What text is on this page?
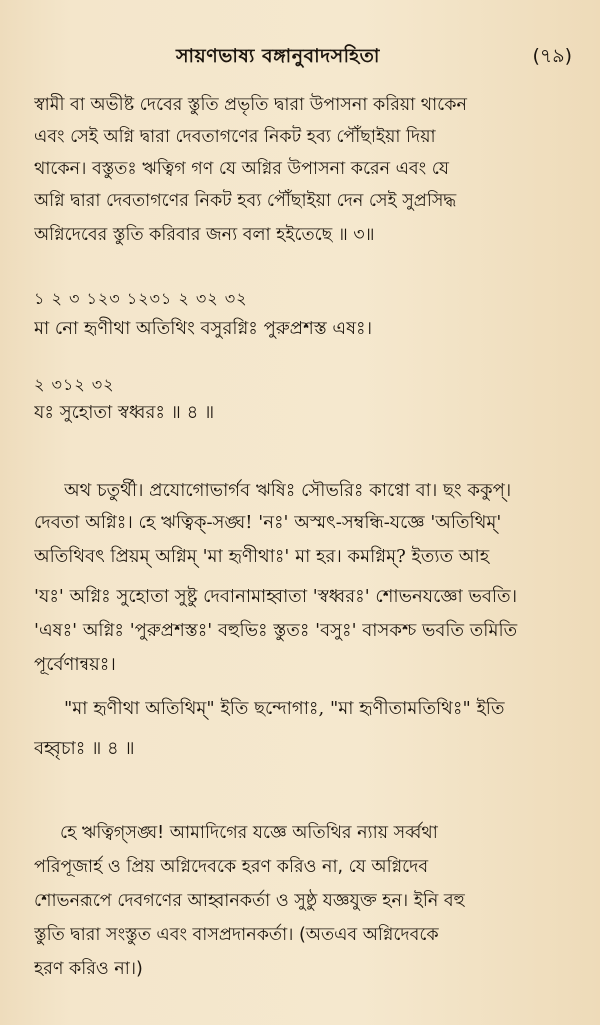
সায়ণভাষ্য বঙ্গানুবাদসহিতা	(৭৯)
স্বামী বা অভীষ্ট দেবের স্তুতি প্রভৃতি দ্বারা উপাসনা করিয়া থাকেন
এবং সেই অগ্নি দ্বারা দেবতাগণের নিকট হব্য পৌঁছাইয়া দিয়া
থাকেন। বস্তুতঃ ঋত্বিগ গণ যে অগ্নির উপাসনা করেন এবং যে
অগ্নি দ্বারা দেবতাগণের নিকট হব্য পৌঁছাইয়া দেন সেই সুপ্রসিদ্ধ
অগ্নিদেবের স্তুতি করিবার জন্য বলা হইতেছে ॥ ৩॥
১ ২ ৩ ১২৩ ১২৩১ ২ ৩২ ৩২
মা নো হৃণীথা অতিথিং বসুরগ্নিঃ পুরুপ্রশস্ত এষঃ।
২ ৩১২ ৩২
যঃ সুহোতা স্বধ্বরঃ ॥ ৪ ॥
অথ চতুর্থী। প্রযোগোভার্গব ঋষিঃ সৌভরিঃ কাণ্বো বা। ছং ককুপ্।
দেবতা অগ্নিঃ। হে ঋত্বিক্-সঙ্ঘ! 'নঃ' অস্মৎ-সম্বন্ধি-যজ্ঞে 'অতিথিম্'
অতিথিবৎ প্রিয়ম্ অগ্নিম্ 'মা হৃণীথাঃ' মা হর। কমগ্নিম্? ইত্যত আহ
'যঃ' অগ্নিঃ সুহোতা সুষ্টু দেবানামাহ্বাতা 'স্বধ্বরঃ' শোভনযজ্ঞো ভবতি।
'এষঃ' অগ্নিঃ 'পুরুপ্রশস্তঃ' বহুভিঃ স্তুতঃ 'বসুঃ' বাসকশ্চ ভবতি তমিতি
পূর্বেণান্বয়ঃ।
"মা হৃণীথা অতিথিম্" ইতি ছন্দোগাঃ, "মা হৃণীতামতিথিঃ" ইতি
বহ্বৃচাঃ ॥ ৪ ॥
হে ঋত্বিগ্সঙ্ঘ! আমাদিগের যজ্ঞে অতিথির ন্যায় সর্ব্বথা
পরিপূজার্হ ও প্রিয় অগ্নিদেবকে হরণ করিও না, যে অগ্নিদেব
শোভনরূপে দেবগণের আহ্বানকর্তা ও সুষ্ঠু যজ্ঞযুক্ত হন। ইনি বহু
স্তুতি দ্বারা সংস্তুত এবং বাসপ্রদানকর্তা। (অতএব অগ্নিদেবকে
হরণ করিও না।)
